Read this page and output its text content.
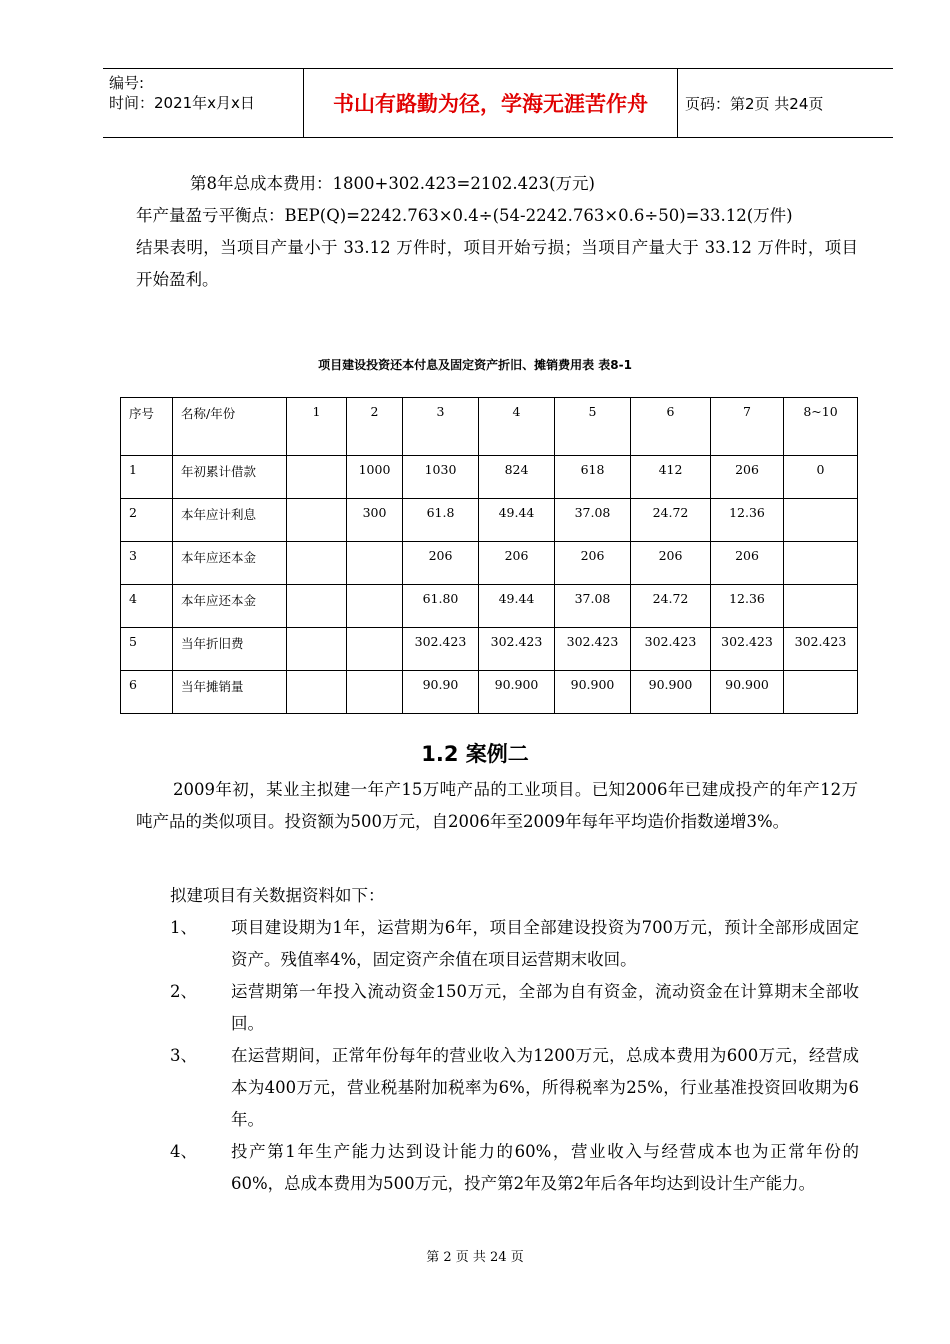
编号:
时间：2021年x月x日	书山有路勤为径，学海无涯苦作舟	页码：第2页 共24页
第8年总成本费用：1800+302.423=2102.423(万元)
年产量盈亏平衡点：BEP(Q)=2242.763×0.4÷(54-2242.763×0.6÷50)=33.12(万件)
结果表明，当项目产量小于 33.12 万件时，项目开始亏损；当项目产量大于 33.12 万件时，项目开始盈利。
项目建设投资还本付息及固定资产折旧、摊销费用表 表8-1
序号	名称/年份	1	2	3	4	5	6	7	8~10
1	年初累计借款		1000	1030	824	618	412	206	0
2	本年应计利息		300	61.8	49.44	37.08	24.72	12.36	
3	本年应还本金			206	206	206	206	206	
4	本年应还本金			61.80	49.44	37.08	24.72	12.36	
5	当年折旧费			302.423	302.423	302.423	302.423	302.423	302.423
6	当年摊销量			90.90	90.900	90.900	90.900	90.900	
1.2 案例二
2009年初，某业主拟建一年产15万吨产品的工业项目。已知2006年已建成投产的年产12万吨产品的类似项目。投资额为500万元，自2006年至2009年每年平均造价指数递增3%。
拟建项目有关数据资料如下：
1、 项目建设期为1年，运营期为6年，项目全部建设投资为700万元，预计全部形成固定资产。残值率4%，固定资产余值在项目运营期末收回。
2、 运营期第一年投入流动资金150万元，全部为自有资金，流动资金在计算期末全部收回。
3、 在运营期间，正常年份每年的营业收入为1200万元，总成本费用为600万元，经营成本为400万元，营业税基附加税率为6%，所得税率为25%，行业基准投资回收期为6年。
4、 投产第1年生产能力达到设计能力的60%，营业收入与经营成本也为正常年份的60%，总成本费用为500万元，投产第2年及第2年后各年均达到设计生产能力。
第 2 页 共 24 页
